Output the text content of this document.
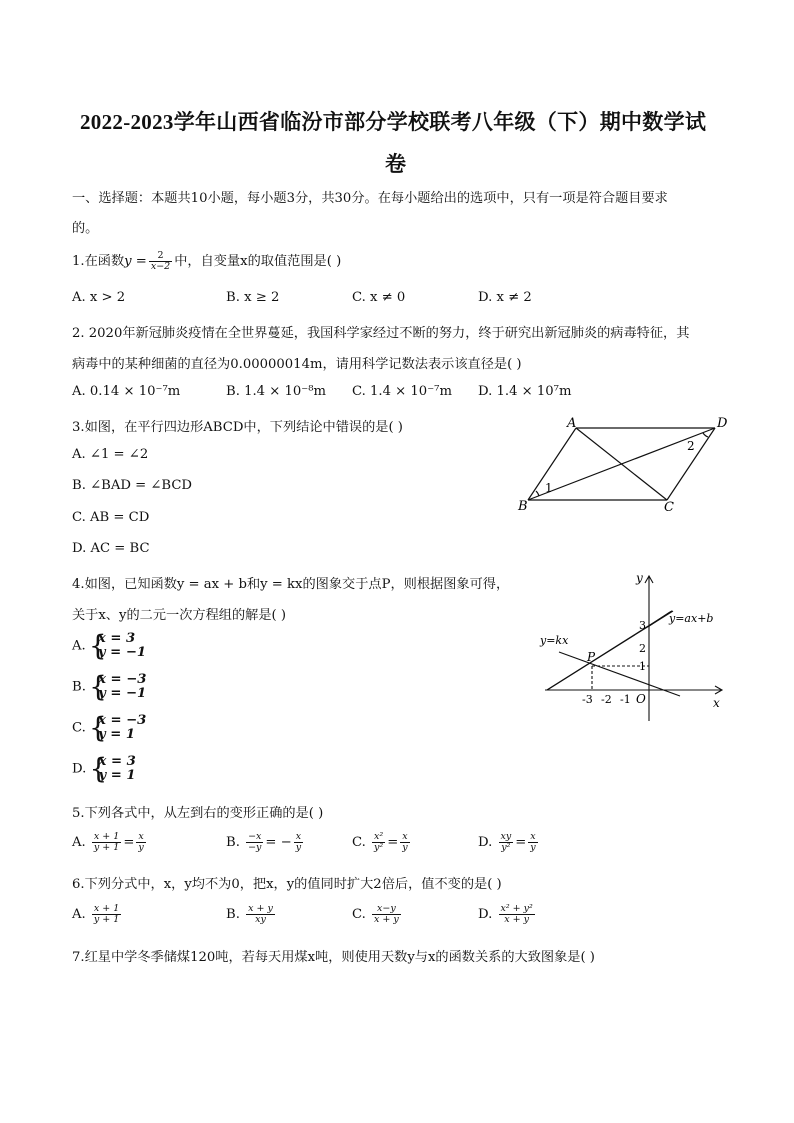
2022-2023学年山西省临汾市部分学校联考八年级（下）期中数学试
卷
一、选择题：本题共10小题，每小题3分，共30分。在每小题给出的选项中，只有一项是符合题目要求
的。
1.在函数$y = \frac{2}{x-2}$ 中，自变量x的取值范围是( )
A. x > 2	B. x ≥ 2	C. x ≠ 0	D. x ≠ 2
2. 2020年新冠肺炎疫情在全世界蔓延，我国科学家经过不断的努力，终于研究出新冠肺炎的病毒特征，其
病毒中的某种细菌的直径为0.00000014m，请用科学记数法表示该直径是( )
A. 0.14 × 10⁻⁷m	B. 1.4 × 10⁻⁸m C. 1.4 × 10⁻⁷m D. 1.4 × 10⁷m
3.如图，在平行四边形ABCD中，下列结论中错误的是( )
A. ∠1 = ∠2
B. ∠BAD = ∠BCD
C. AB = CD
D. AC = BC
A	D
B	C
1
2
4.如图，已知函数y = ax + b和y = kx的图象交于点P，则根据图象可得，
关于x、y的二元一次方程组的解是( )
A. { x = 3
y = −1
B. { x = −3
y = −1
C. { x = −3
y = 1
D. { x = 3
y = 1
y
x
O
P
y=ax+b
y=kx
-3 -2 -1
3
2
1
5.下列各式中，从左到右的变形正确的是( )
A. $\frac{x + 1}{y + 1} = \frac{x}{y}$	B. $\frac{-x}{-y}$ = − $\frac{x}{y}$	C. $\frac{\text{x²}}{\text{y²}} = \frac{x}{y}$	D. $\frac{xy}{\text{y²}} = \frac{x}{y}$
6.下列分式中，x，y均不为0，把x，y的值同时扩大2倍后，值不变的是( )
A. $\frac{x + 1}{y + 1}$	B. $\frac{x + y}{xy}$	C. $\frac{x-y}{x + y}$	D. $\frac{\text{x² + y²}}{x + y}$
7.红星中学冬季储煤120吨，若每天用煤x吨，则使用天数y与x的函数关系的大致图象是( )
